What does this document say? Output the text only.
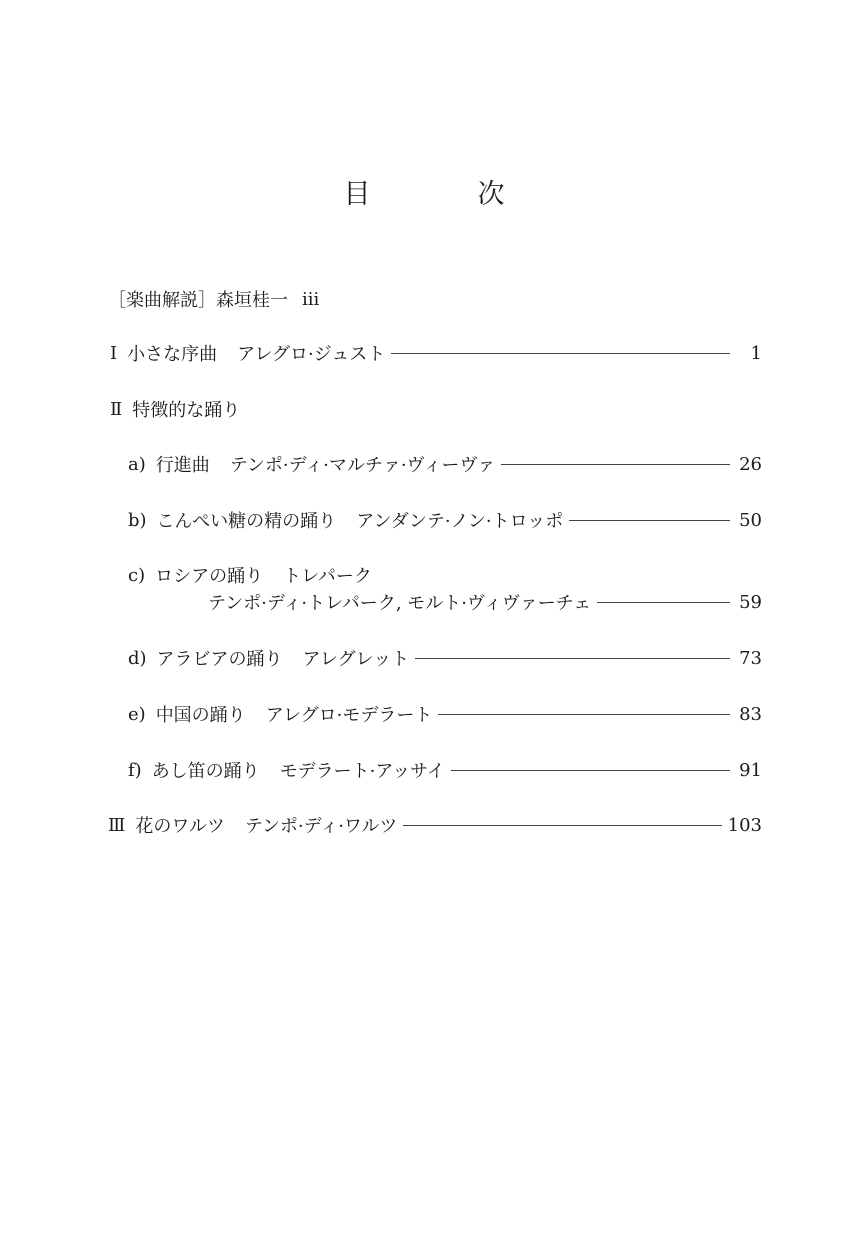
目　次
［楽曲解説］森垣桂一 iii
Ⅰ 小さな序曲 アレグロ·ジュスト	1
Ⅱ 特徴的な踊り
a) 行進曲 テンポ·ディ·マルチァ·ヴィーヴァ	26
b) こんぺい糖の精の踊り アンダンテ·ノン·トロッポ	50
c) ロシアの踊り トレパーク
テンポ·ディ·トレパーク, モルト·ヴィヴァーチェ	59
d) アラビアの踊り アレグレット	73
e) 中国の踊り アレグロ·モデラート	83
f) あし笛の踊り モデラート·アッサイ	91
Ⅲ 花のワルツ テンポ·ディ·ワルツ	103
